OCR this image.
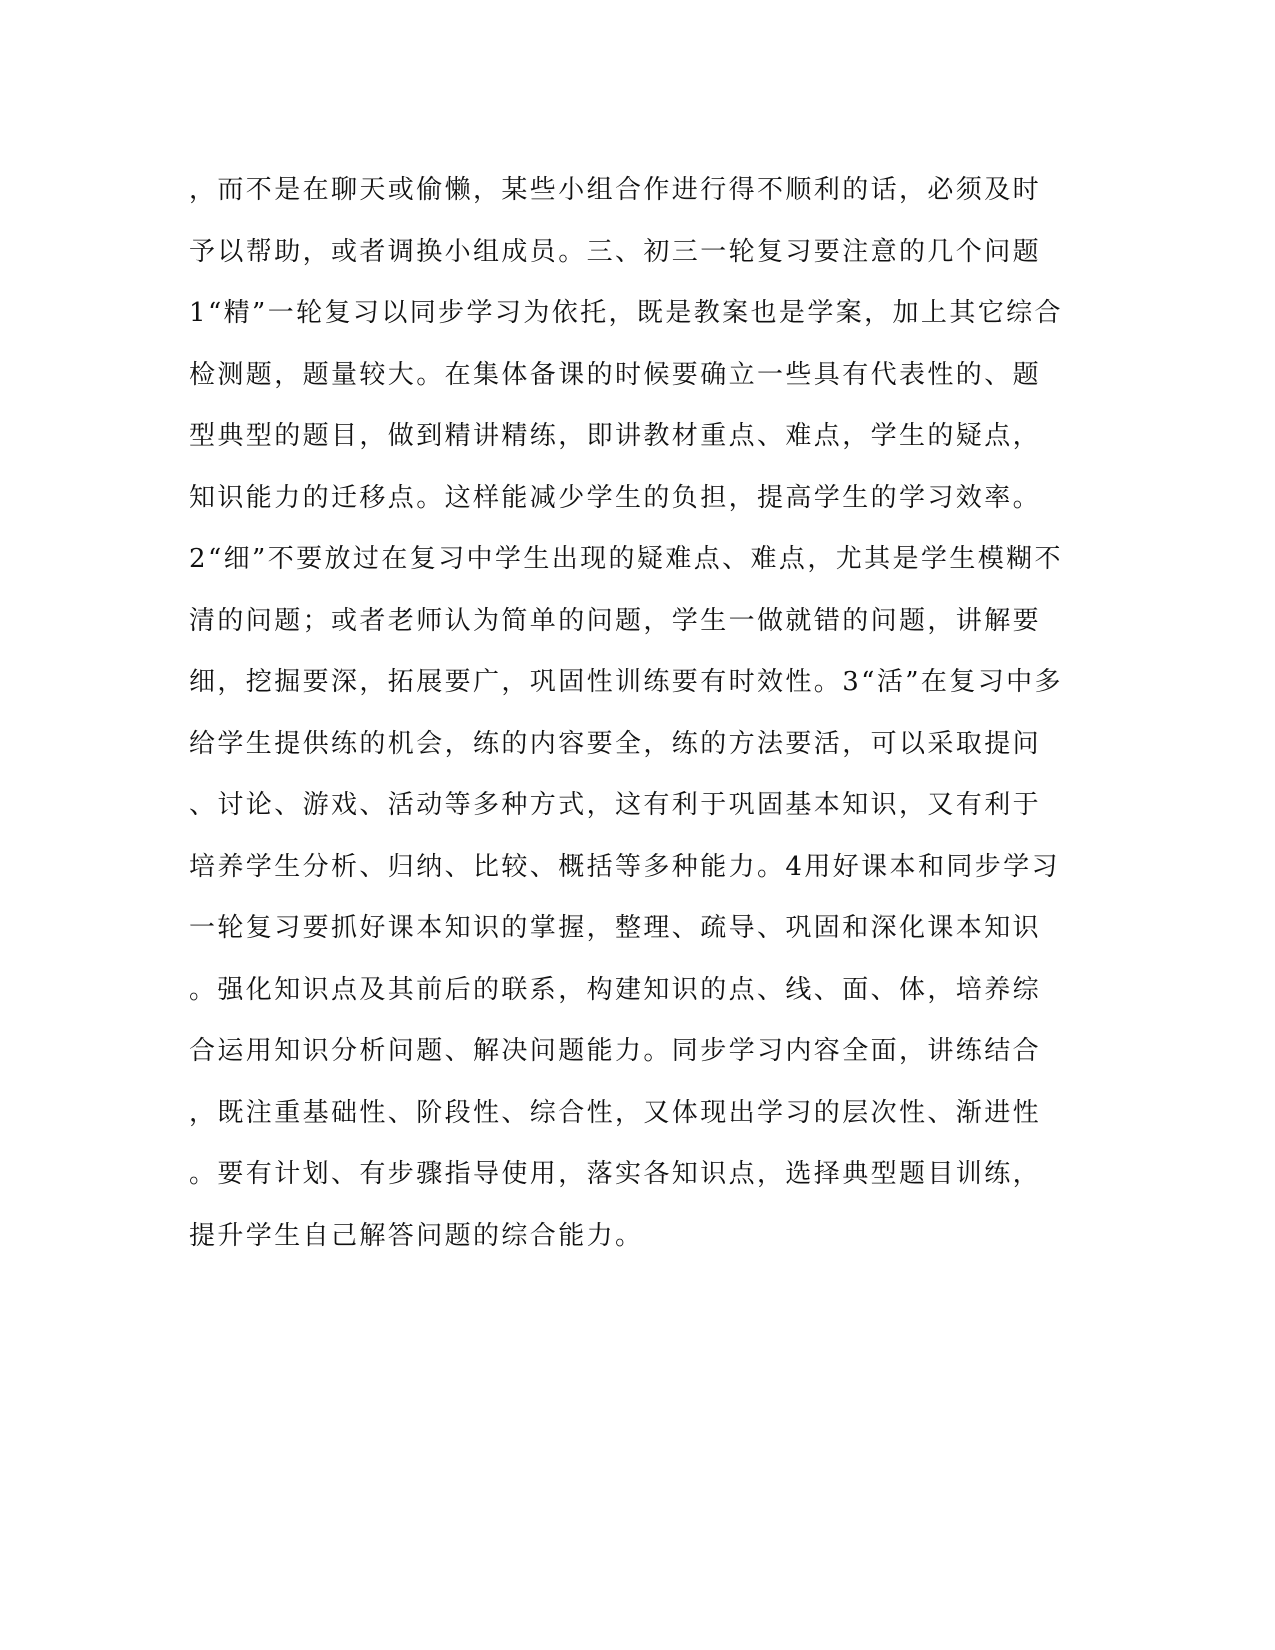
，而不是在聊天或偷懒，某些小组合作进行得不顺利的话，必须及时
予以帮助，或者调换小组成员。三、初三一轮复习要注意的几个问题
1“精”一轮复习以同步学习为依托，既是教案也是学案，加上其它综合
检测题，题量较大。在集体备课的时候要确立一些具有代表性的、题
型典型的题目，做到精讲精练，即讲教材重点、难点，学生的疑点，
知识能力的迁移点。这样能减少学生的负担，提高学生的学习效率。
2“细”不要放过在复习中学生出现的疑难点、难点，尤其是学生模糊不
清的问题；或者老师认为简单的问题，学生一做就错的问题，讲解要
细，挖掘要深，拓展要广，巩固性训练要有时效性。3“活”在复习中多
给学生提供练的机会，练的内容要全，练的方法要活，可以采取提问
、讨论、游戏、活动等多种方式，这有利于巩固基本知识，又有利于
培养学生分析、归纳、比较、概括等多种能力。4用好课本和同步学习
一轮复习要抓好课本知识的掌握，整理、疏导、巩固和深化课本知识
。强化知识点及其前后的联系，构建知识的点、线、面、体，培养综
合运用知识分析问题、解决问题能力。同步学习内容全面，讲练结合
，既注重基础性、阶段性、综合性，又体现出学习的层次性、渐进性
。要有计划、有步骤指导使用，落实各知识点，选择典型题目训练，
提升学生自己解答问题的综合能力。
